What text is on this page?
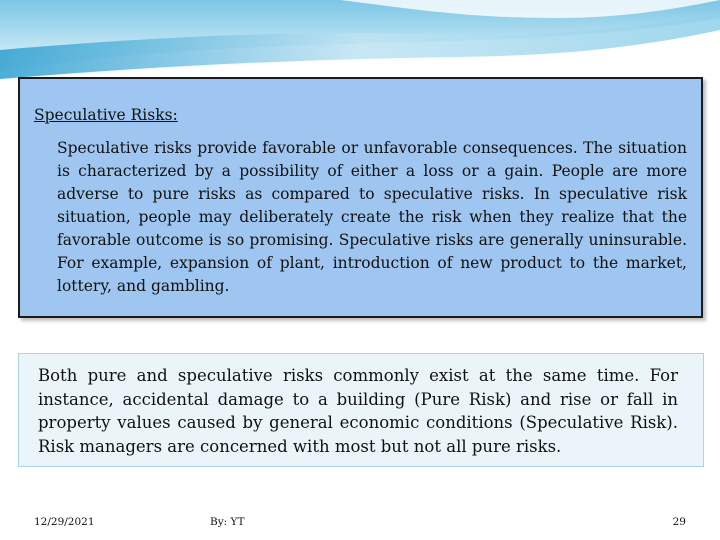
Speculative Risks:
Speculative risks provide favorable or unfavorable consequences. The situation is characterized by a possibility of either a loss or a gain. People are more adverse to pure risks as compared to speculative risks. In speculative risk situation, people may deliberately create the risk when they realize that the favorable outcome is so promising. Speculative risks are generally uninsurable. For example, expansion of plant, introduction of new product to the market, lottery, and gambling.
Both pure and speculative risks commonly exist at the same time. For instance, accidental damage to a building (Pure Risk) and rise or fall in property values caused by general economic conditions (Speculative Risk). Risk managers are concerned with most but not all pure risks.
12/29/2021	By: YT	29
